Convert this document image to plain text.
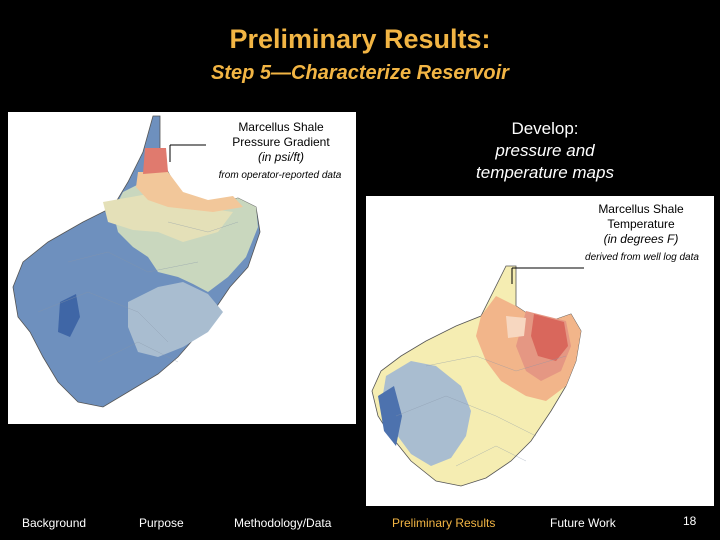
Preliminary Results:
Step 5—Characterize Reservoir
Marcellus Shale
Pressure Gradient
(in psi/ft)
from operator-reported data
Develop:
pressure and
temperature maps
Marcellus Shale
Temperature
(in degrees F)
derived from well log data
Background	Purpose	Methodology/Data	Preliminary Results	Future Work	18
